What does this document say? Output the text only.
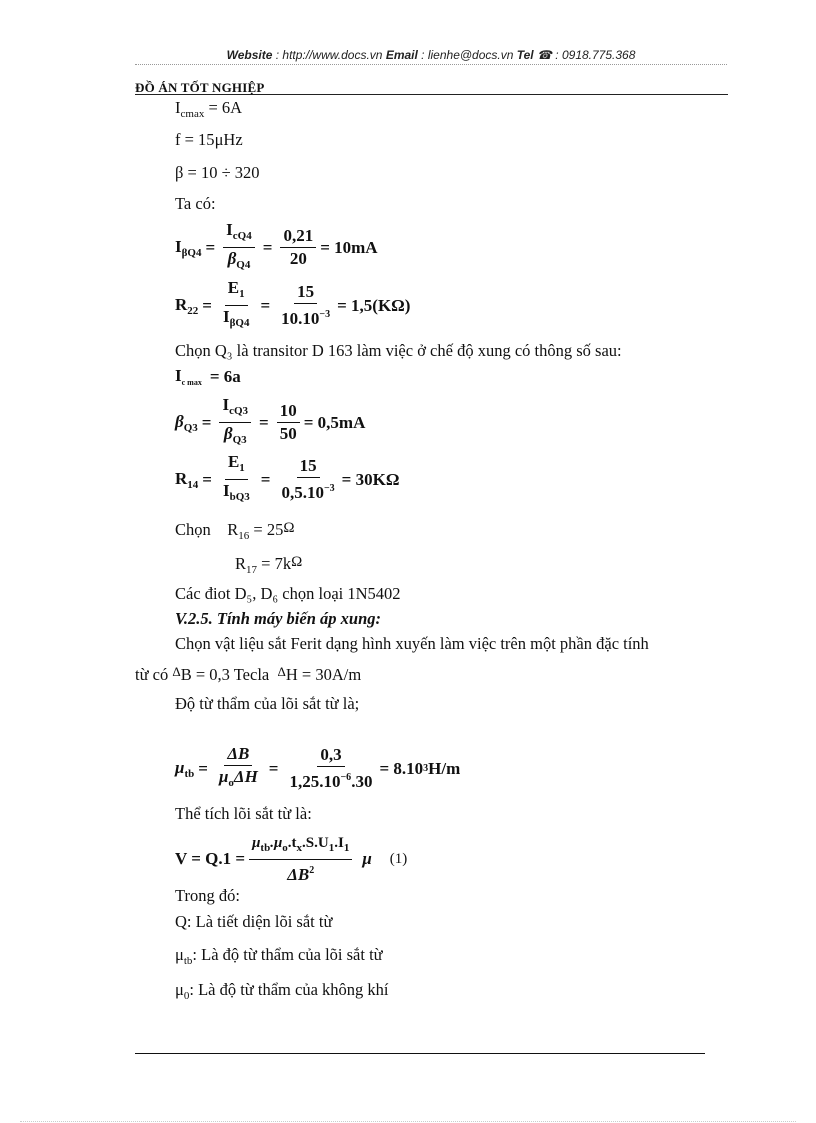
Website : http://www.docs.vn Email : lienhe@docs.vn Tel ☎ : 0918.775.368
ĐỒ ÁN TỐT NGHIỆP
$I_{cmax} = 6A$
f = 15μHz
β = 10 ÷ 320
Ta có:
$I_{\beta Q4} = \frac{I_{cQ4}}{\beta_{Q4}} = \frac{0,21}{20} = 10mA$
$R_{22} = \frac{E_1}{I_{\beta Q4}} = \frac{15}{10.10^{-3}} = 1,5(K\Omega)$
Chọn Q₃ là transitor D 163 làm việc ở chế độ xung có thông số sau:
$I_{c max} = 6a$
$\beta_{Q3} = \frac{I_{cQ3}}{\beta_{Q3}} = \frac{10}{50} = 0,5mA$
$R_{14} = \frac{E_1}{I_{bQ3}} = \frac{15}{0,5.10^{-3}} = 30K\Omega$
Chọn    $R_{16} = 25\Omega$
$R_{17} = 7k\Omega$
Các điot D₅, D₆ chọn loại 1N5402
V.2.5. Tính máy biến áp xung:
Chọn vật liệu sắt Ferit dạng hình xuyến làm việc trên một phần đặc tính
từ có $^\Delta$B = 0,3 Tecla $^\Delta$H = 30A/m
Độ từ thẩm của lõi sắt từ là;
$\mu_{tb} = \frac{\Delta B}{\mu_o\Delta H} = \frac{0,3}{1,25.10^{-6}.30} = 8.10$ 3 H/m
Thể tích lõi sắt từ là:
$V = Q.1 = \frac{\mu_{tb}.\mu_o.t_x.S.U_1.I_1}{\Delta B^2}$ μ (1)
Trong đó:
Q: Là tiết diện lõi sắt từ
$\mu_{tb}$: Là độ từ thẩm của lõi sắt từ
$\mu_0$: Là độ từ thẩm của không khí
